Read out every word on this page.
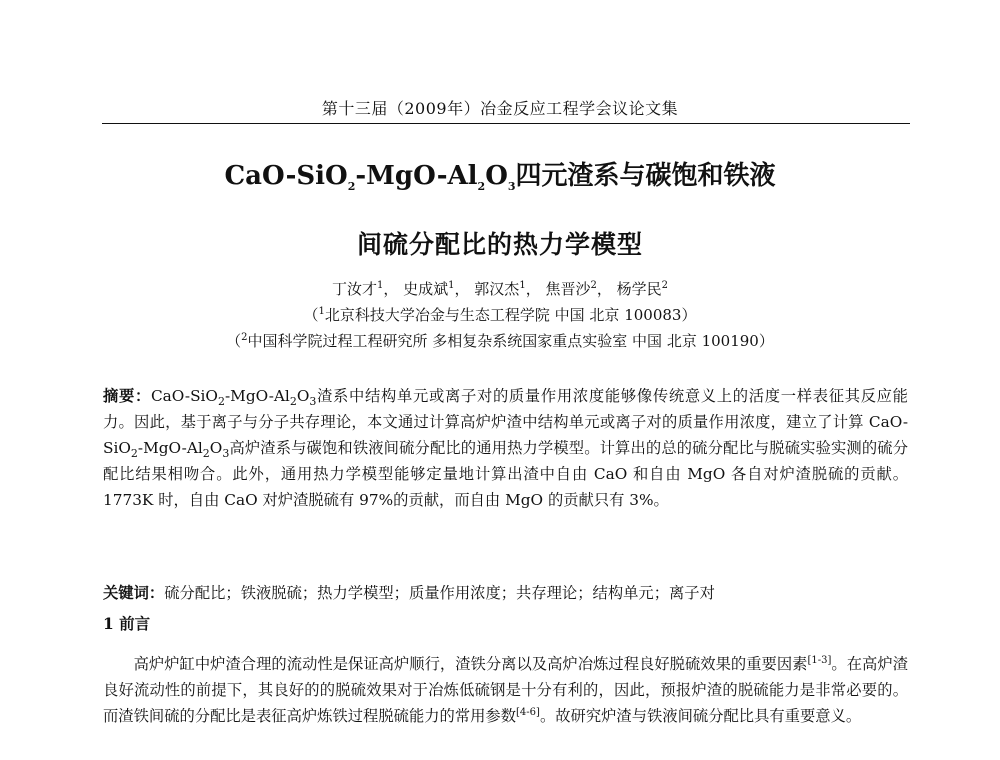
第十三届（2009年）冶金反应工程学会议论文集
CaO-$SiO_2-MgO-Al_2O_3$四元渣系与碳饱和铁液
间硫分配比的热力学模型
丁汝才$^1$， 史成斌$^1$， 郭汉杰$^1$， 焦晋沙$^2$， 杨学民$^2$
（$^1$北京科技大学冶金与生态工程学院 中国 北京 100083）
（$^2$中国科学院过程工程研究所 多相复杂系统国家重点实验室 中国 北京 100190）
摘要：CaO-$SiO_2-MgO-Al_2O_3$渣系中结构单元或离子对的质量作用浓度能够像传统意义上的活度一样表征其反应能力。因此，基于离子与分子共存理论，本文通过计算高炉炉渣中结构单元或离子对的质量作用浓度，建立了计算 CaO-$SiO_2-MgO-Al_2O_3$高炉渣系与碳饱和铁液间硫分配比的通用热力学模型。计算出的总的硫分配比与脱硫实验实测的硫分配比结果相吻合。此外，通用热力学模型能够定量地计算出渣中自由 CaO 和自由 MgO 各自对炉渣脱硫的贡献。1773K 时，自由 CaO 对炉渣脱硫有 97%的贡献，而自由 MgO 的贡献只有 3%。
关键词：硫分配比；铁液脱硫；热力学模型；质量作用浓度；共存理论；结构单元；离子对
1 前言
高炉炉缸中炉渣合理的流动性是保证高炉顺行，渣铁分离以及高炉冶炼过程良好脱硫效果的重要因素[1-3]。在高炉渣良好流动性的前提下，其良好的的脱硫效果对于冶炼低硫钢是十分有利的，因此，预报炉渣的脱硫能力是非常必要的。而渣铁间硫的分配比是表征高炉炼铁过程脱硫能力的常用参数[4-6]。故研究炉渣与铁液间硫分配比具有重要意义。
